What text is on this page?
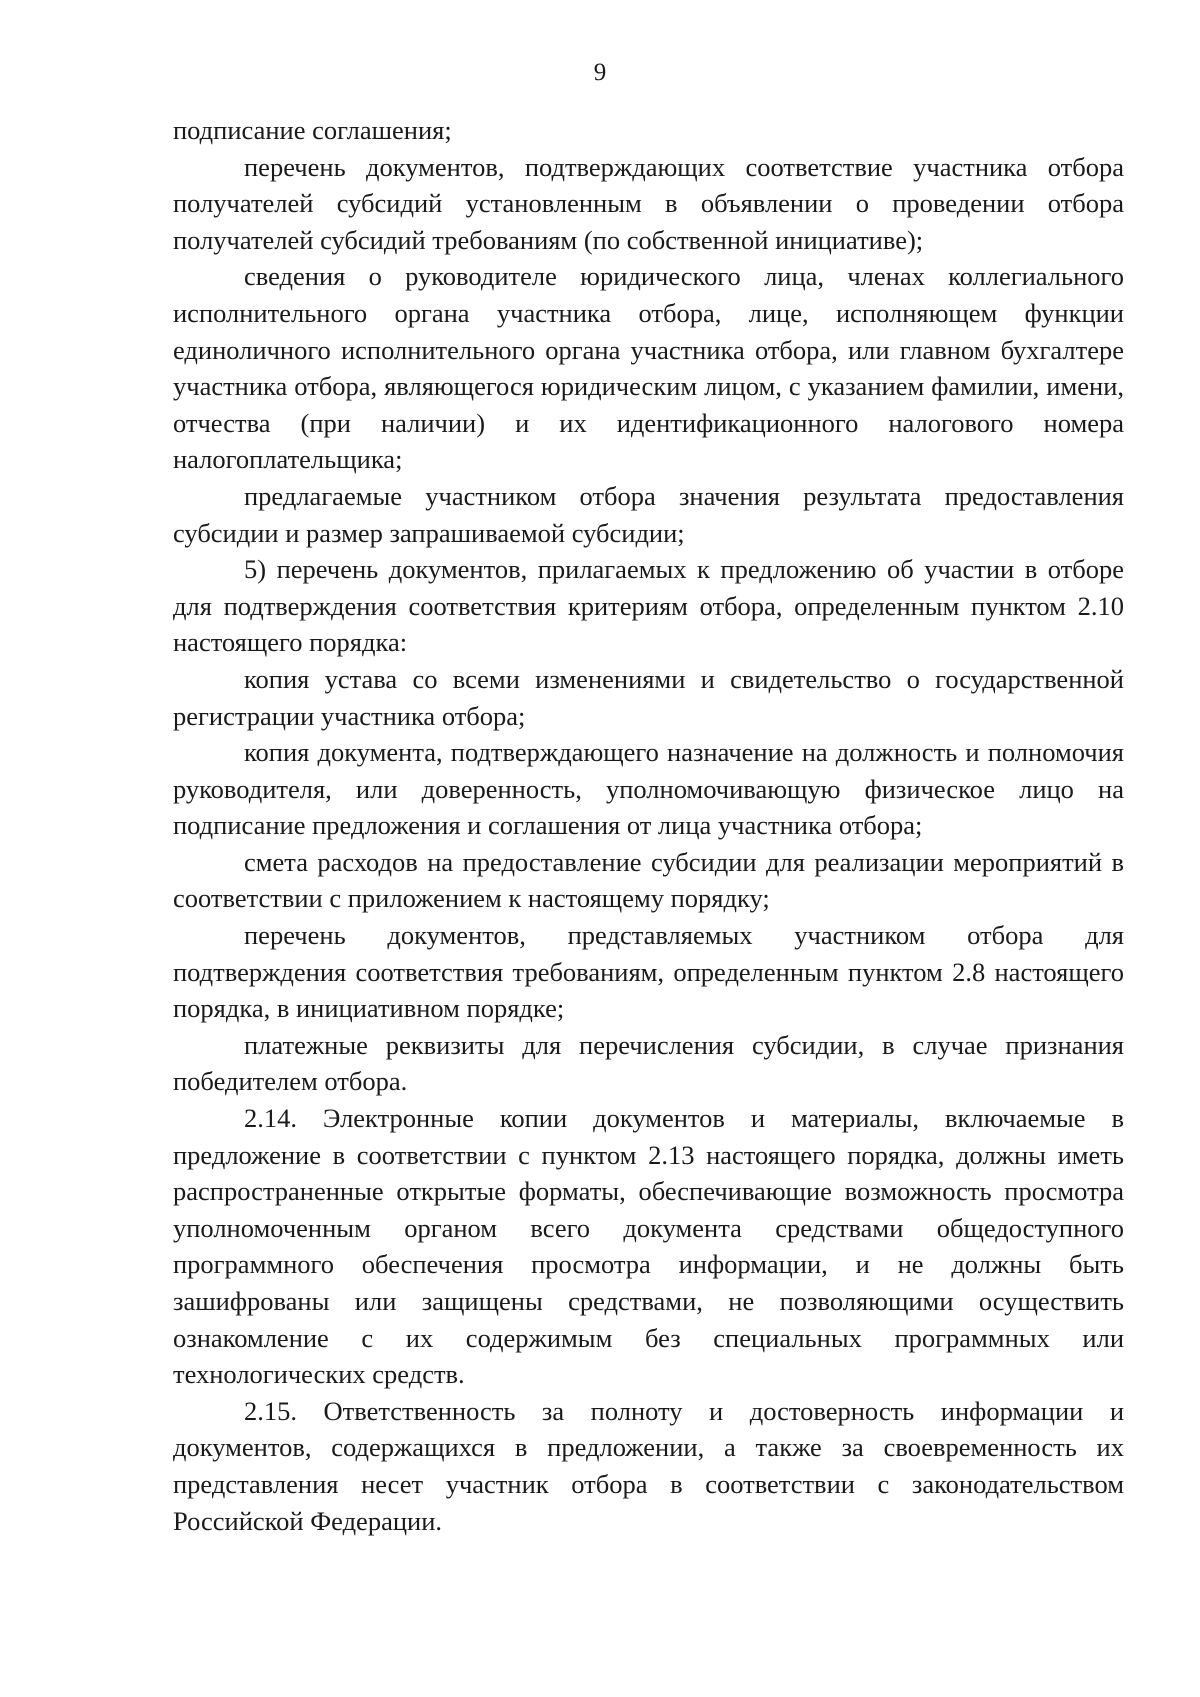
9

подписание соглашения;

перечень документов, подтверждающих соответствие участника отбора получателей субсидий установленным в объявлении о проведении отбора получателей субсидий требованиям (по собственной инициативе);

сведения о руководителе юридического лица, членах коллегиального исполнительного органа участника отбора, лице, исполняющем функции единоличного исполнительного органа участника отбора, или главном бухгалтере участника отбора, являющегося юридическим лицом, с указанием фамилии, имени, отчества (при наличии) и их идентификационного налогового номера налогоплательщика;

предлагаемые участником отбора значения результата предоставления субсидии и размер запрашиваемой субсидии;

5) перечень документов, прилагаемых к предложению об участии в отборе для подтверждения соответствия критериям отбора, определенным пунктом 2.10 настоящего порядка:

копия устава со всеми изменениями и свидетельство о государственной регистрации участника отбора;

копия документа, подтверждающего назначение на должность и полномочия руководителя, или доверенность, уполномочивающую физическое лицо на подписание предложения и соглашения от лица участника отбора;

смета расходов на предоставление субсидии для реализации мероприятий в соответствии с приложением к настоящему порядку;

перечень документов, представляемых участником отбора для подтверждения соответствия требованиям, определенным пунктом 2.8 настоящего порядка, в инициативном порядке;

платежные реквизиты для перечисления субсидии, в случае признания победителем отбора.

2.14. Электронные копии документов и материалы, включаемые в предложение в соответствии с пунктом 2.13 настоящего порядка, должны иметь распространенные открытые форматы, обеспечивающие возможность просмотра уполномоченным органом всего документа средствами общедоступного программного обеспечения просмотра информации, и не должны быть зашифрованы или защищены средствами, не позволяющими осуществить ознакомление с их содержимым без специальных программных или технологических средств.

2.15. Ответственность за полноту и достоверность информации и документов, содержащихся в предложении, а также за своевременность их представления несет участник отбора в соответствии с законодательством Российской Федерации.
